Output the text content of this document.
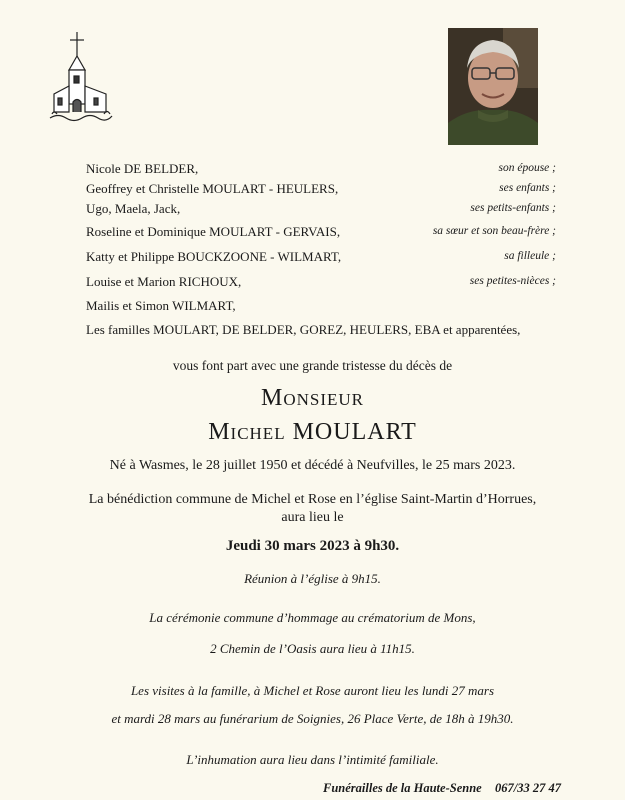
Nicole DE BELDER,	son épouse ;
Geoffrey et Christelle MOULART - HEULERS,	ses enfants ;
Ugo, Maela, Jack,	ses petits-enfants ;
Roseline et Dominique MOULART - GERVAIS,	sa sœur et son beau-frère ;
Katty et Philippe BOUCKZOONE - WILMART,	sa filleule ;
Louise et Marion RICHOUX,	ses petites-nièces ;
Mailis et Simon WILMART,
Les familles MOULART, DE BELDER, GOREZ, HEULERS, EBA et apparentées,
vous font part avec une grande tristesse du décès de
Monsieur
Michel MOULART
Né à Wasmes, le 28 juillet 1950 et décédé à Neufvilles, le 25 mars 2023.
La bénédiction commune de Michel et Rose en l’église Saint-Martin d’Horrues,
aura lieu le
Jeudi 30 mars 2023 à 9h30.
Réunion à l’église à 9h15.
La cérémonie commune d’hommage au crématorium de Mons,
2 Chemin de l’Oasis aura lieu à 11h15.
Les visites à la famille, à Michel et Rose auront lieu les lundi 27 mars
et mardi 28 mars au funérarium de Soignies, 26 Place Verte, de 18h à 19h30.
L’inhumation aura lieu dans l’intimité familiale.
Funérailles de la Haute-Senne 067/33 27 47
